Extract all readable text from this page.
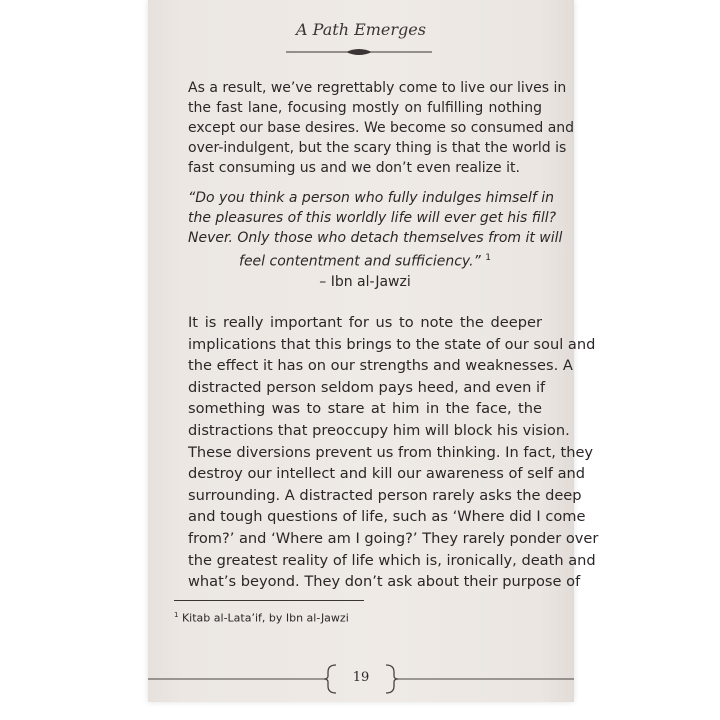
A Path Emerges
As a result, we’ve regrettably come to live our lives in
the fast lane, focusing mostly on fulfilling nothing
except our base desires. We become so consumed and
over-indulgent, but the scary thing is that the world is
fast consuming us and we don’t even realize it.
“Do you think a person who fully indulges himself in
the pleasures of this worldly life will ever get his fill?
Never. Only those who detach themselves from it will
feel contentment and sufficiency.” $^1$
– Ibn al-Jawzi
It is really important for us to note the deeper
implications that this brings to the state of our soul and
the effect it has on our strengths and weaknesses. A
distracted person seldom pays heed, and even if
something was to stare at him in the face, the
distractions that preoccupy him will block his vision.
These diversions prevent us from thinking. In fact, they
destroy our intellect and kill our awareness of self and
surrounding. A distracted person rarely asks the deep
and tough questions of life, such as ‘Where did I come
from?’ and ‘Where am I going?’ They rarely ponder over
the greatest reality of life which is, ironically, death and
what’s beyond. They don’t ask about their purpose of
$^1$ Kitab al-Lata’if, by Ibn al-Jawzi
19
